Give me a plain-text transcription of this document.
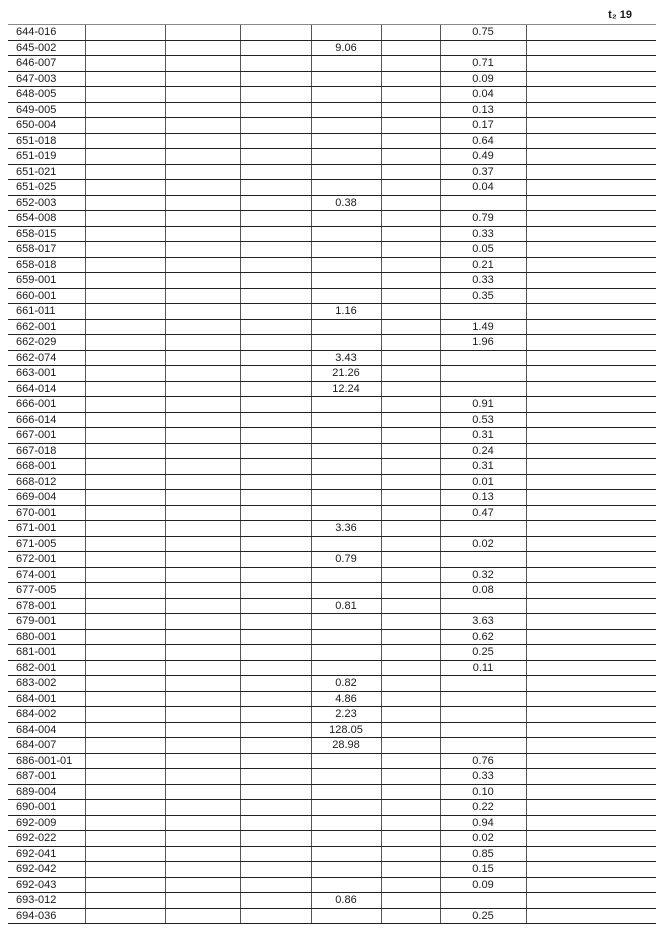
t₂ 19
644-016						0.75	
645-002				9.06			
646-007						0.71	
647-003						0.09	
648-005						0.04	
649-005						0.13	
650-004						0.17	
651-018						0.64	
651-019						0.49	
651-021						0.37	
651-025						0.04	
652-003				0.38			
654-008						0.79	
658-015						0.33	
658-017						0.05	
658-018						0.21	
659-001						0.33	
660-001						0.35	
661-011				1.16			
662-001						1.49	
662-029						1.96	
662-074				3.43			
663-001				21.26			
664-014				12.24			
666-001						0.91	
666-014						0.53	
667-001						0.31	
667-018						0.24	
668-001						0.31	
668-012						0.01	
669-004						0.13	
670-001						0.47	
671-001				3.36			
671-005						0.02	
672-001				0.79			
674-001						0.32	
677-005						0.08	
678-001				0.81			
679-001						3.63	
680-001						0.62	
681-001						0.25	
682-001						0.11	
683-002				0.82			
684-001				4.86			
684-002				2.23			
684-004				128.05			
684-007				28.98			
686-001-01						0.76	
687-001						0.33	
689-004						0.10	
690-001						0.22	
692-009						0.94	
692-022						0.02	
692-041						0.85	
692-042						0.15	
692-043						0.09	
693-012				0.86			
694-036						0.25	
